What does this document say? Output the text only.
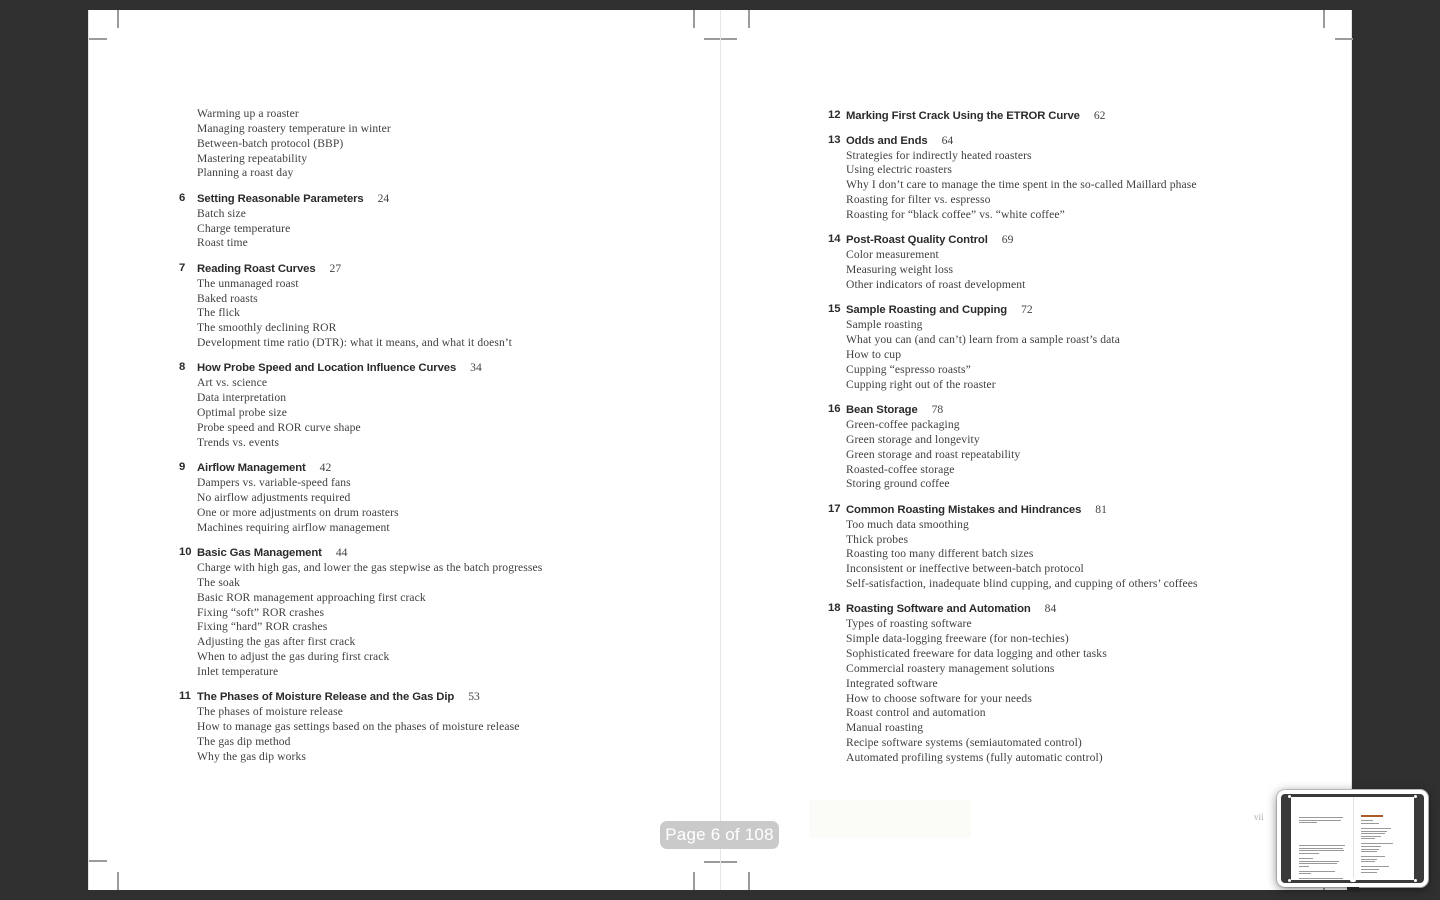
Warming up a roaster
Managing roastery temperature in winter
Between-batch protocol (BBP)
Mastering repeatability
Planning a roast day
6 Setting Reasonable Parameters 24
Batch size
Charge temperature
Roast time
7 Reading Roast Curves 27
The unmanaged roast
Baked roasts
The flick
The smoothly declining ROR
Development time ratio (DTR): what it means, and what it doesn’t
8 How Probe Speed and Location Influence Curves 34
Art vs. science
Data interpretation
Optimal probe size
Probe speed and ROR curve shape
Trends vs. events
9 Airflow Management 42
Dampers vs. variable-speed fans
No airflow adjustments required
One or more adjustments on drum roasters
Machines requiring airflow management
10 Basic Gas Management 44
Charge with high gas, and lower the gas stepwise as the batch progresses
The soak
Basic ROR management approaching first crack
Fixing “soft” ROR crashes
Fixing “hard” ROR crashes
Adjusting the gas after first crack
When to adjust the gas during first crack
Inlet temperature
11 The Phases of Moisture Release and the Gas Dip 53
The phases of moisture release
How to manage gas settings based on the phases of moisture release
The gas dip method
Why the gas dip works
12 Marking First Crack Using the ETROR Curve 62
13 Odds and Ends 64
Strategies for indirectly heated roasters
Using electric roasters
Why I don’t care to manage the time spent in the so-called Maillard phase
Roasting for filter vs. espresso
Roasting for “black coffee” vs. “white coffee”
14 Post-Roast Quality Control 69
Color measurement
Measuring weight loss
Other indicators of roast development
15 Sample Roasting and Cupping 72
Sample roasting
What you can (and can’t) learn from a sample roast’s data
How to cup
Cupping “espresso roasts”
Cupping right out of the roaster
16 Bean Storage 78
Green-coffee packaging
Green storage and longevity
Green storage and roast repeatability
Roasted-coffee storage
Storing ground coffee
17 Common Roasting Mistakes and Hindrances 81
Too much data smoothing
Thick probes
Roasting too many different batch sizes
Inconsistent or ineffective between-batch protocol
Self-satisfaction, inadequate blind cupping, and cupping of others’ coffees
18 Roasting Software and Automation 84
Types of roasting software
Simple data-logging freeware (for non-techies)
Sophisticated freeware for data logging and other tasks
Commercial roastery management solutions
Integrated software
How to choose software for your needs
Roast control and automation
Manual roasting
Recipe software systems (semiautomated control)
Automated profiling systems (fully automatic control)
vii
Page 6 of 108
